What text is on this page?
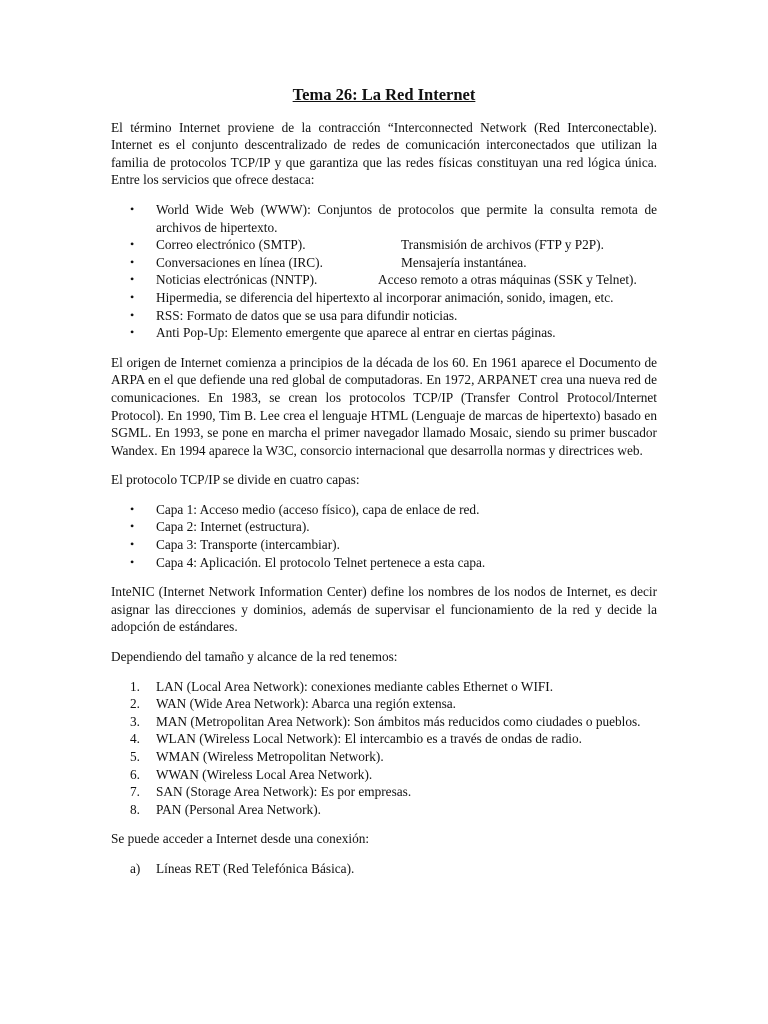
Tema 26: La Red Internet

El término Internet proviene de la contracción “Interconnected Network (Red Interconectable). Internet es el conjunto descentralizado de redes de comunicación interconectados que utilizan la familia de protocolos TCP/IP y que garantiza que las redes físicas constituyan una red lógica única. Entre los servicios que ofrece destaca:

• World Wide Web (WWW): Conjuntos de protocolos que permite la consulta remota de archivos de hipertexto.
• Correo electrónico (SMTP).	Transmisión de archivos (FTP y P2P).
• Conversaciones en línea (IRC).	Mensajería instantánea.
• Noticias electrónicas (NNTP).	Acceso remoto a otras máquinas (SSK y Telnet).
• Hipermedia, se diferencia del hipertexto al incorporar animación, sonido, imagen, etc.
• RSS: Formato de datos que se usa para difundir noticias.
• Anti Pop-Up: Elemento emergente que aparece al entrar en ciertas páginas.

El origen de Internet comienza a principios de la década de los 60. En 1961 aparece el Documento de ARPA en el que defiende una red global de computadoras. En 1972, ARPANET crea una nueva red de comunicaciones. En 1983, se crean los protocolos TCP/IP (Transfer Control Protocol/Internet Protocol). En 1990, Tim B. Lee crea el lenguaje HTML (Lenguaje de marcas de hipertexto) basado en SGML. En 1993, se pone en marcha el primer navegador llamado Mosaic, siendo su primer buscador Wandex. En 1994 aparece la W3C, consorcio internacional que desarrolla normas y directrices web.

El protocolo TCP/IP se divide en cuatro capas:

• Capa 1: Acceso medio (acceso físico), capa de enlace de red.
• Capa 2: Internet (estructura).
• Capa 3: Transporte (intercambiar).
• Capa 4: Aplicación. El protocolo Telnet pertenece a esta capa.

InteNIC (Internet Network Information Center) define los nombres de los nodos de Internet, es decir asignar las direcciones y dominios, además de supervisar el funcionamiento de la red y decide la adopción de estándares.

Dependiendo del tamaño y alcance de la red tenemos:

1. LAN (Local Area Network): conexiones mediante cables Ethernet o WIFI.
2. WAN (Wide Area Network): Abarca una región extensa.
3. MAN (Metropolitan Area Network): Son ámbitos más reducidos como ciudades o pueblos.
4. WLAN (Wireless Local Network): El intercambio es a través de ondas de radio.
5. WMAN (Wireless Metropolitan Network).
6. WWAN (Wireless Local Area Network).
7. SAN (Storage Area Network): Es por empresas.
8. PAN (Personal Area Network).

Se puede acceder a Internet desde una conexión:

a) Líneas RET (Red Telefónica Básica).
